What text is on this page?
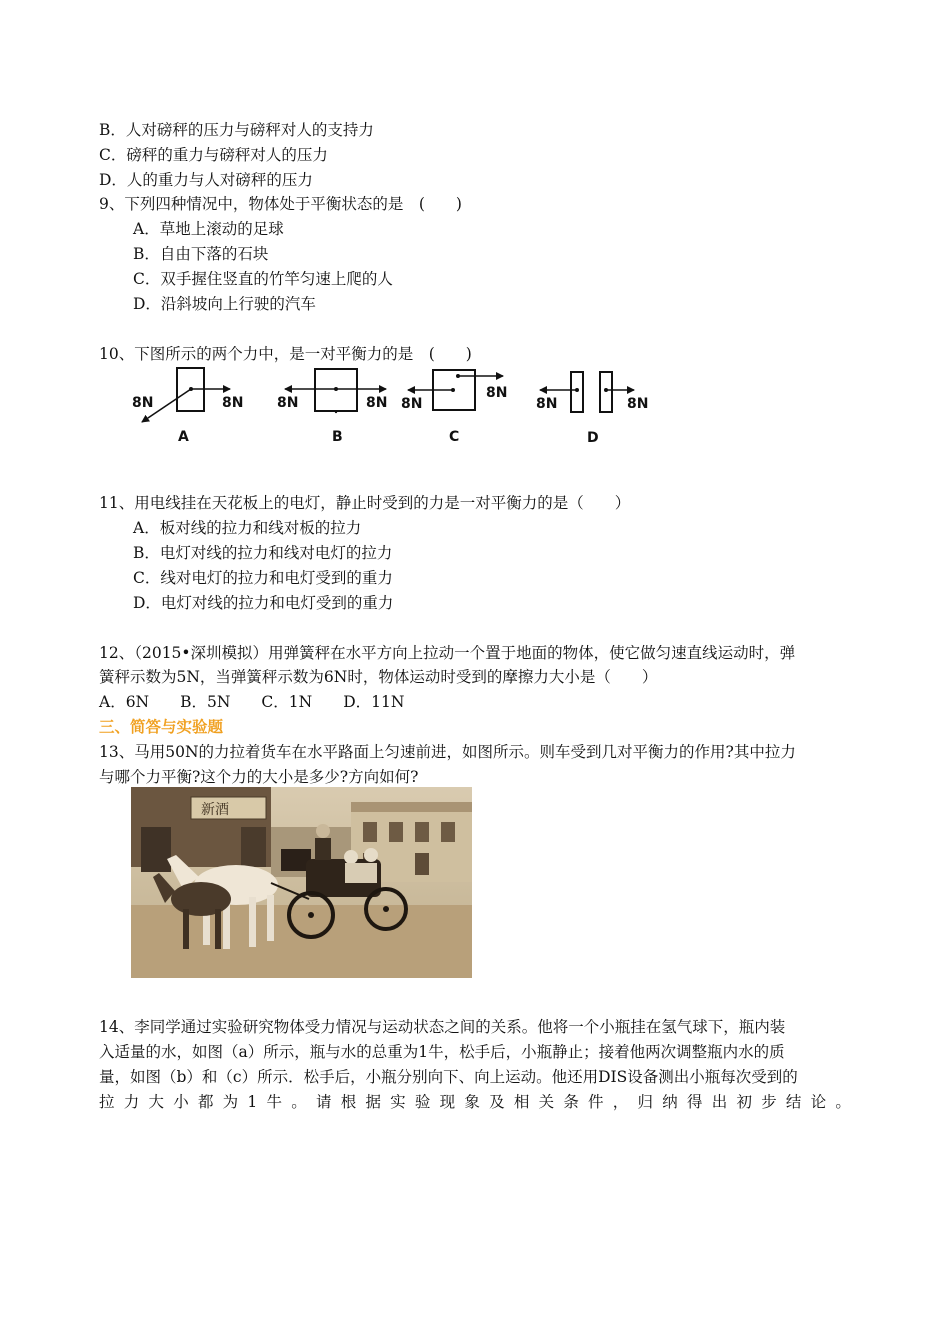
B．人对磅秤的压力与磅秤对人的支持力
C．磅秤的重力与磅秤对人的压力
D．人的重力与人对磅秤的压力
9、下列四种情况中，物体处于平衡状态的是　(　　)
A．草地上滚动的足球
B．自由下落的石块
C．双手握住竖直的竹竿匀速上爬的人
D．沿斜坡向上行驶的汽车
10、下图所示的两个力中，是一对平衡力的是　(　　)
8N	8N
A
8N	8N
B
8N
8N
C
8N	8N
D
11、用电线挂在天花板上的电灯，静止时受到的力是一对平衡力的是（　　）
A．板对线的拉力和线对板的拉力
B．电灯对线的拉力和线对电灯的拉力
C．线对电灯的拉力和电灯受到的重力
D．电灯对线的拉力和电灯受到的重力
12、（2015•深圳模拟）用弹簧秤在水平方向上拉动一个置于地面的物体，使它做匀速直线运动时，弹
簧秤示数为5N，当弹簧秤示数为6N时，物体运动时受到的摩擦力大小是（　　）
A．6N　　B．5N　　C．1N　　D．11N
三、简答与实验题
13、马用50N的力拉着货车在水平路面上匀速前进，如图所示。则车受到几对平衡力的作用?其中拉力
与哪个力平衡?这个力的大小是多少?方向如何?
新酒
14、李同学通过实验研究物体受力情况与运动状态之间的关系。他将一个小瓶挂在氢气球下，瓶内装
入适量的水，如图（a）所示，瓶与水的总重为1牛，松手后，小瓶静止；接着他两次调整瓶内水的质
量，如图（b）和（c）所示．松手后，小瓶分别向下、向上运动。他还用DIS设备测出小瓶每次受到的
拉 力 大 小 都 为 1 牛 。 请 根 据 实 验 现 象 及 相 关 条 件 ， 归 纳 得 出 初 步 结 论 。
